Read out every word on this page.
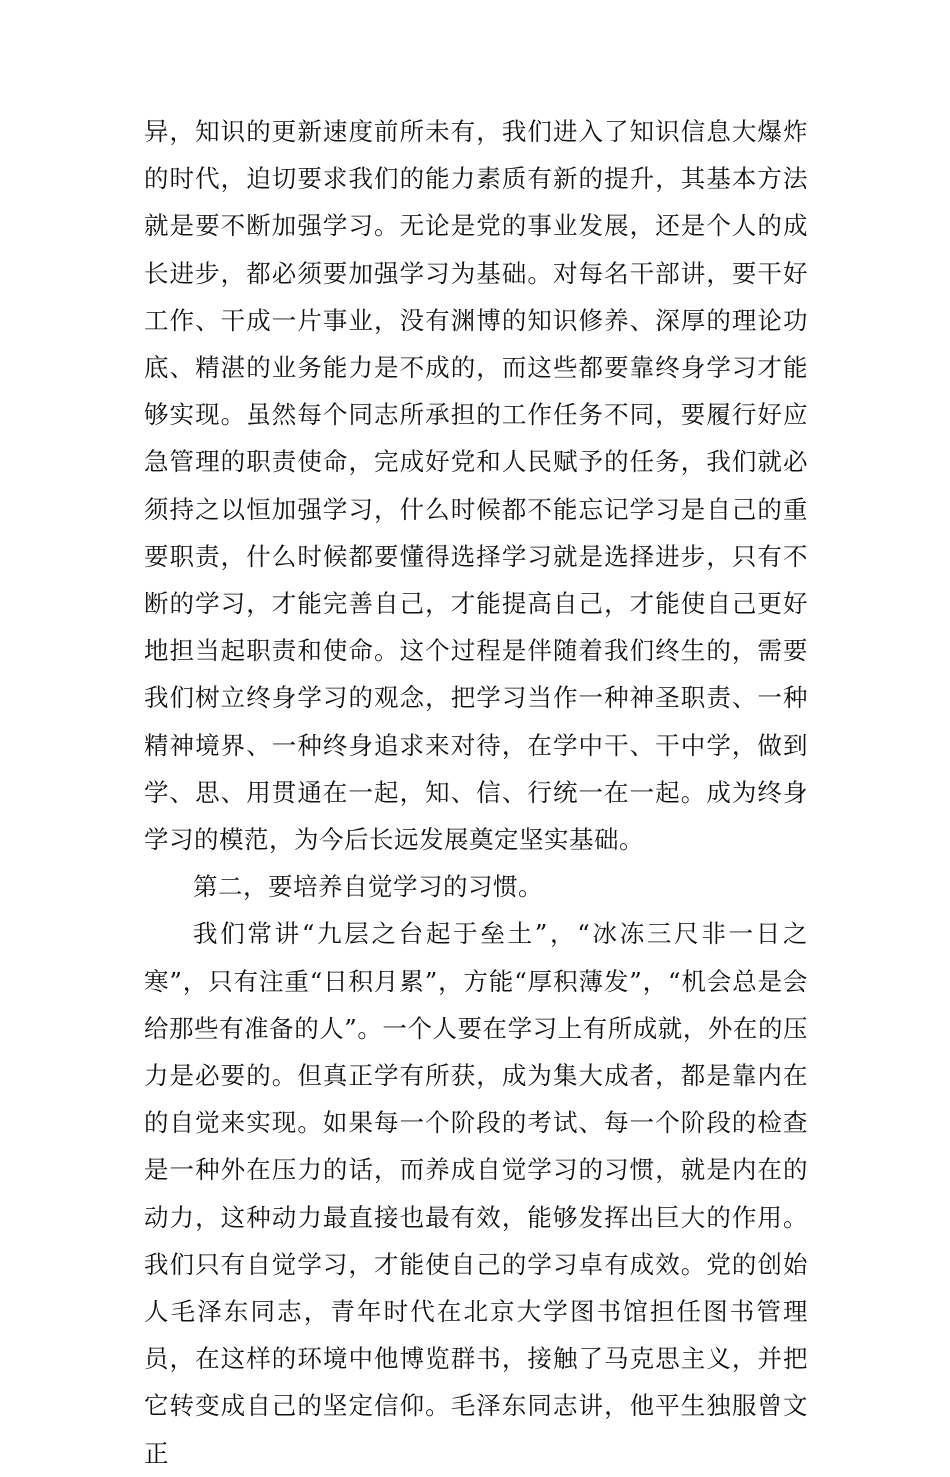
异，知识的更新速度前所未有，我们进入了知识信息大爆炸的时代，迫切要求我们的能力素质有新的提升，其基本方法就是要不断加强学习。无论是党的事业发展，还是个人的成长进步，都必须要加强学习为基础。对每名干部讲，要干好工作、干成一片事业，没有渊博的知识修养、深厚的理论功底、精湛的业务能力是不成的，而这些都要靠终身学习才能够实现。虽然每个同志所承担的工作任务不同，要履行好应急管理的职责使命，完成好党和人民赋予的任务，我们就必须持之以恒加强学习，什么时候都不能忘记学习是自己的重要职责，什么时候都要懂得选择学习就是选择进步，只有不断的学习，才能完善自己，才能提高自己，才能使自己更好地担当起职责和使命。这个过程是伴随着我们终生的，需要我们树立终身学习的观念，把学习当作一种神圣职责、一种精神境界、一种终身追求来对待，在学中干、干中学，做到学、思、用贯通在一起，知、信、行统一在一起。成为终身学习的模范，为今后长远发展奠定坚实基础。

第二，要培养自觉学习的习惯。

我们常讲“九层之台起于垒土”，“冰冻三尺非一日之寒”，只有注重“日积月累”，方能“厚积薄发”，“机会总是会给那些有准备的人”。一个人要在学习上有所成就，外在的压力是必要的。但真正学有所获，成为集大成者，都是靠内在的自觉来实现。如果每一个阶段的考试、每一个阶段的检查是一种外在压力的话，而养成自觉学习的习惯，就是内在的动力，这种动力最直接也最有效，能够发挥出巨大的作用。我们只有自觉学习，才能使自己的学习卓有成效。党的创始人毛泽东同志，青年时代在北京大学图书馆担任图书管理员，在这样的环境中他博览群书，接触了马克思主义，并把它转变成自己的坚定信仰。毛泽东同志讲，他平生独服曾文正
